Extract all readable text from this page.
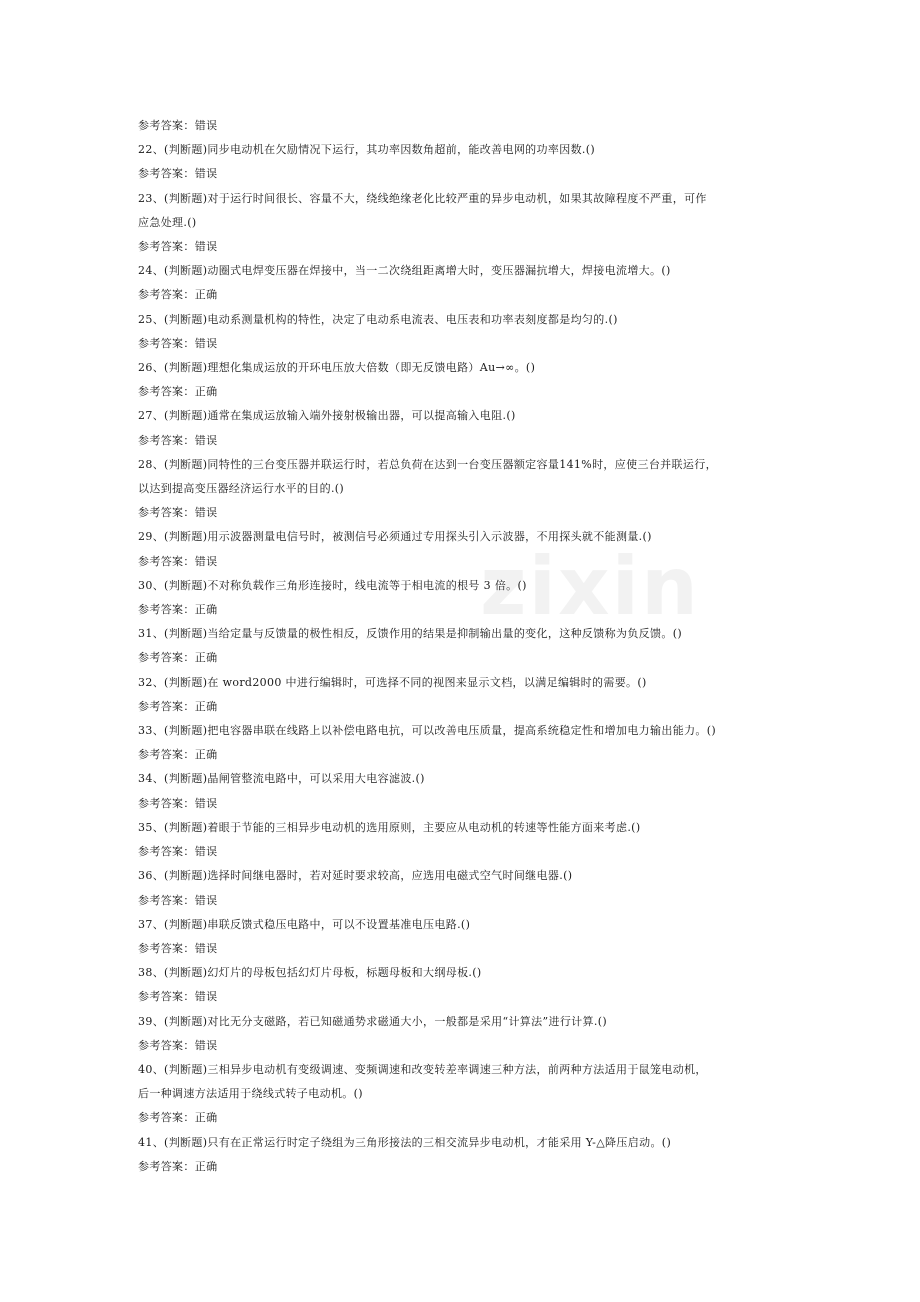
zixin
参考答案：错误
22、(判断题)同步电动机在欠励情况下运行，其功率因数角超前，能改善电网的功率因数.()
参考答案：错误
23、(判断题)对于运行时间很长、容量不大，绕线绝缘老化比较严重的异步电动机，如果其故障程度不严重，可作
应急处理.()
参考答案：错误
24、(判断题)动圈式电焊变压器在焊接中，当一二次绕组距离增大时，变压器漏抗增大，焊接电流增大。()
参考答案：正确
25、(判断题)电动系测量机构的特性，决定了电动系电流表、电压表和功率表刻度都是均匀的.()
参考答案：错误
26、(判断题)理想化集成运放的开环电压放大倍数（即无反馈电路）Au→∞。()
参考答案：正确
27、(判断题)通常在集成运放输入端外接射极输出器，可以提高输入电阻.()
参考答案：错误
28、(判断题)同特性的三台变压器并联运行时，若总负荷在达到一台变压器额定容量141%时，应使三台并联运行，
以达到提高变压器经济运行水平的目的.()
参考答案：错误
29、(判断题)用示波器测量电信号时，被测信号必须通过专用探头引入示波器，不用探头就不能测量.()
参考答案：错误
30、(判断题)不对称负载作三角形连接时，线电流等于相电流的根号 3 倍。()
参考答案：正确
31、(判断题)当给定量与反馈量的极性相反，反馈作用的结果是抑制输出量的变化，这种反馈称为负反馈。()
参考答案：正确
32、(判断题)在 word2000 中进行编辑时，可选择不同的视图来显示文档，以满足编辑时的需要。()
参考答案：正确
33、(判断题)把电容器串联在线路上以补偿电路电抗，可以改善电压质量，提高系统稳定性和增加电力输出能力。()
参考答案：正确
34、(判断题)晶闸管整流电路中，可以采用大电容滤波.()
参考答案：错误
35、(判断题)着眼于节能的三相异步电动机的选用原则，主要应从电动机的转速等性能方面来考虑.()
参考答案：错误
36、(判断题)选择时间继电器时，若对延时要求较高，应选用电磁式空气时间继电器.()
参考答案：错误
37、(判断题)串联反馈式稳压电路中，可以不设置基准电压电路.()
参考答案：错误
38、(判断题)幻灯片的母板包括幻灯片母板，标题母板和大纲母板.()
参考答案：错误
39、(判断题)对比无分支磁路，若已知磁通势求磁通大小，一般都是采用“计算法”进行计算.()
参考答案：错误
40、(判断题)三相异步电动机有变级调速、变频调速和改变转差率调速三种方法，前两种方法适用于鼠笼电动机，
后一种调速方法适用于绕线式转子电动机。()
参考答案：正确
41、(判断题)只有在正常运行时定子绕组为三角形接法的三相交流异步电动机，才能采用 Y-△降压启动。()
参考答案：正确
